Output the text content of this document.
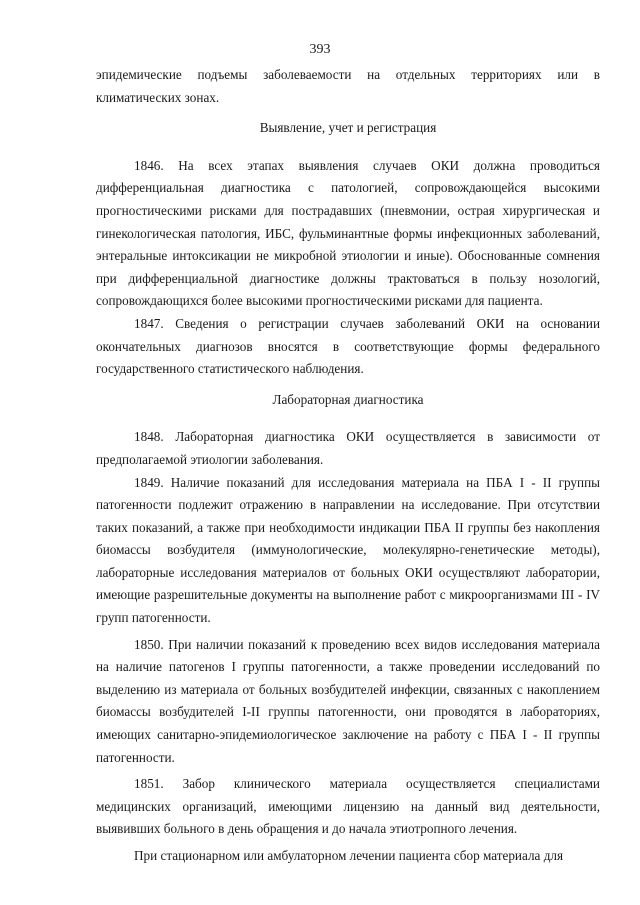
393

эпидемические подъемы заболеваемости на отдельных территориях или в климатических зонах.

Выявление, учет и регистрация

1846. На всех этапах выявления случаев ОКИ должна проводиться дифференциальная диагностика с патологией, сопровождающейся высокими прогностическими рисками для пострадавших (пневмонии, острая хирургическая и гинекологическая патология, ИБС, фульминантные формы инфекционных заболеваний, энтеральные интоксикации не микробной этиологии и иные). Обоснованные сомнения при дифференциальной диагностике должны трактоваться в пользу нозологий, сопровождающихся более высокими прогностическими рисками для пациента.

1847. Сведения о регистрации случаев заболеваний ОКИ на основании окончательных диагнозов вносятся в соответствующие формы федерального государственного статистического наблюдения.

Лабораторная диагностика

1848. Лабораторная диагностика ОКИ осуществляется в зависимости от предполагаемой этиологии заболевания.

1849. Наличие показаний для исследования материала на ПБА I - II группы патогенности подлежит отражению в направлении на исследование. При отсутствии таких показаний, а также при необходимости индикации ПБА II группы без накопления биомассы возбудителя (иммунологические, молекулярно-генетические методы), лабораторные исследования материалов от больных ОКИ осуществляют лаборатории, имеющие разрешительные документы на выполнение работ с микроорганизмами III - IV групп патогенности.

1850. При наличии показаний к проведению всех видов исследования материала на наличие патогенов I группы патогенности, а также проведении исследований по выделению из материала от больных возбудителей инфекции, связанных с накоплением биомассы возбудителей I-II группы патогенности, они проводятся в лабораториях, имеющих санитарно-эпидемиологическое заключение на работу с ПБА I - II группы патогенности.

1851. Забор клинического материала осуществляется специалистами медицинских организаций, имеющими лицензию на данный вид деятельности, выявивших больного в день обращения и до начала этиотропного лечения.

При стационарном или амбулаторном лечении пациента сбор материала для
